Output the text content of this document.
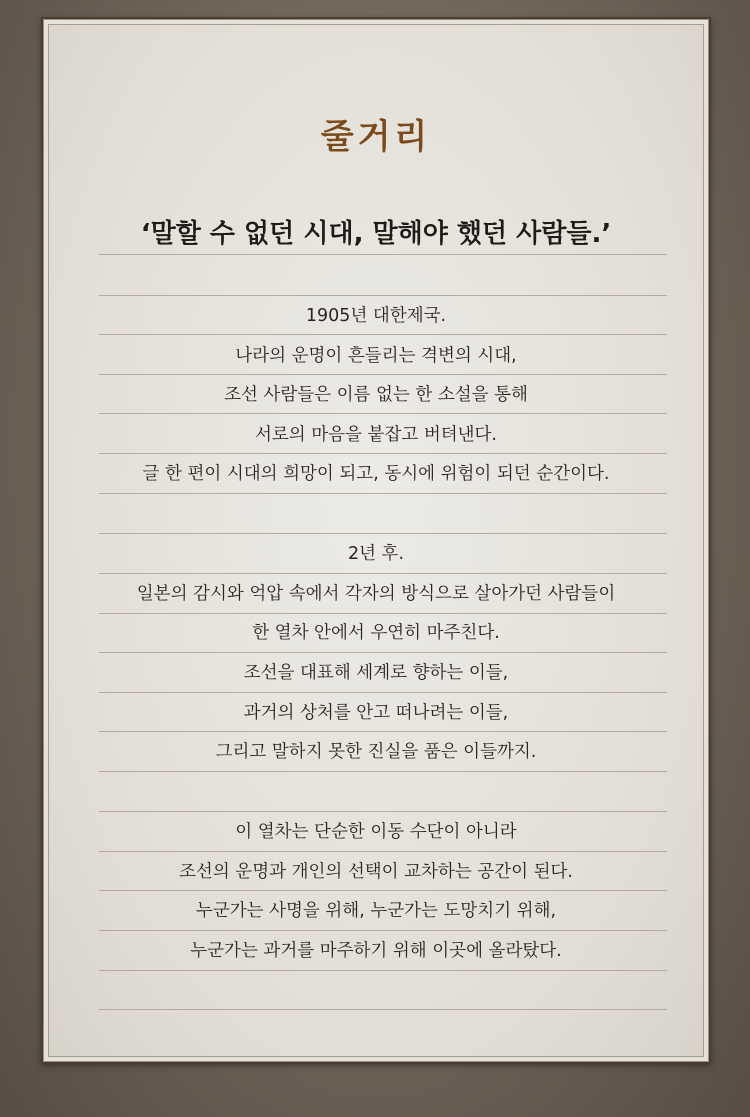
줄거리
‘말할 수 없던 시대, 말해야 했던 사람들.’
1905년 대한제국.
나라의 운명이 흔들리는 격변의 시대,
조선 사람들은 이름 없는 한 소설을 통해
서로의 마음을 붙잡고 버텨낸다.
글 한 편이 시대의 희망이 되고, 동시에 위험이 되던 순간이다.
2년 후.
일본의 감시와 억압 속에서 각자의 방식으로 살아가던 사람들이
한 열차 안에서 우연히 마주친다.
조선을 대표해 세계로 향하는 이들,
과거의 상처를 안고 떠나려는 이들,
그리고 말하지 못한 진실을 품은 이들까지.
이 열차는 단순한 이동 수단이 아니라
조선의 운명과 개인의 선택이 교차하는 공간이 된다.
누군가는 사명을 위해, 누군가는 도망치기 위해,
누군가는 과거를 마주하기 위해 이곳에 올라탔다.
